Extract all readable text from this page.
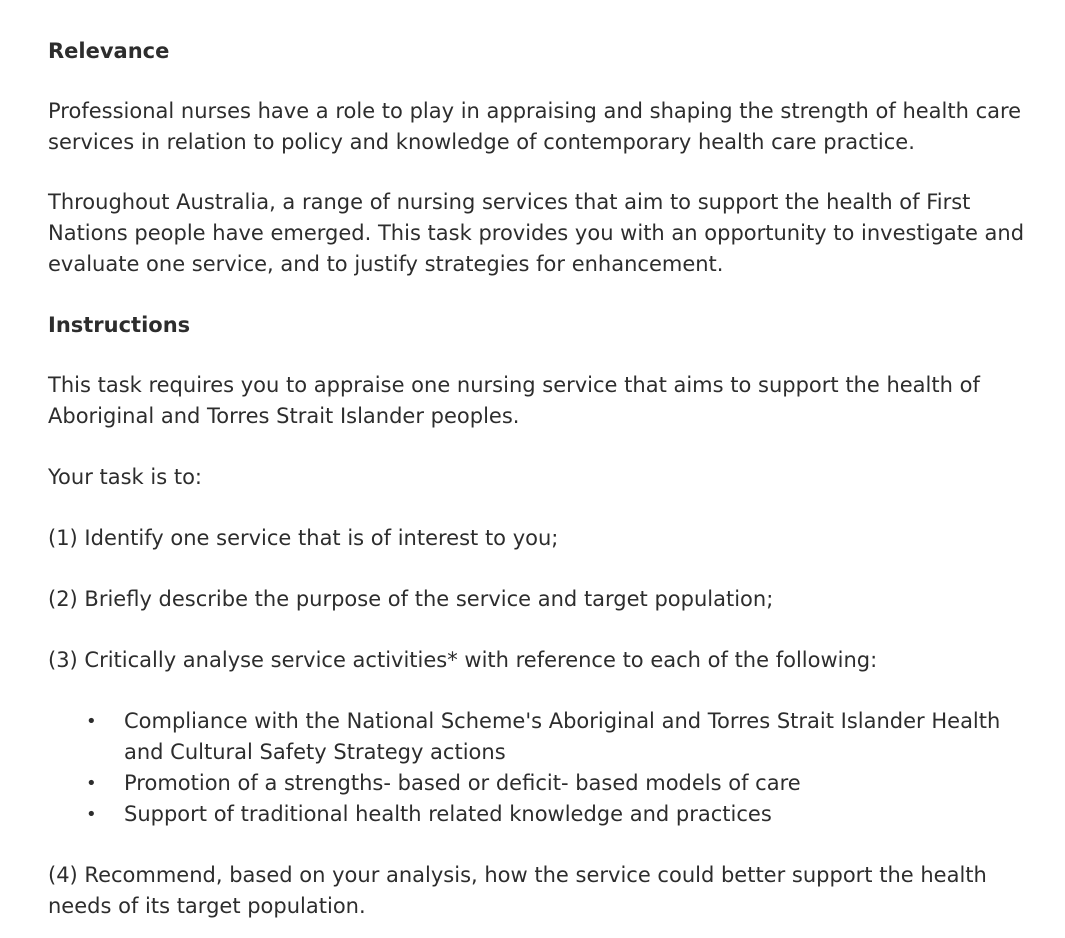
Relevance

Professional nurses have a role to play in appraising and shaping the strength of health care services in relation to policy and knowledge of contemporary health care practice.

Throughout Australia, a range of nursing services that aim to support the health of First Nations people have emerged. This task provides you with an opportunity to investigate and evaluate one service, and to justify strategies for enhancement.

Instructions

This task requires you to appraise one nursing service that aims to support the health of Aboriginal and Torres Strait Islander peoples.

Your task is to:

(1) Identify one service that is of interest to you;

(2) Briefly describe the purpose of the service and target population;

(3) Critically analyse service activities* with reference to each of the following:

• Compliance with the National Scheme's Aboriginal and Torres Strait Islander Health and Cultural Safety Strategy actions
• Promotion of a strengths- based or deficit- based models of care
• Support of traditional health related knowledge and practices

(4) Recommend, based on your analysis, how the service could better support the health needs of its target population.
